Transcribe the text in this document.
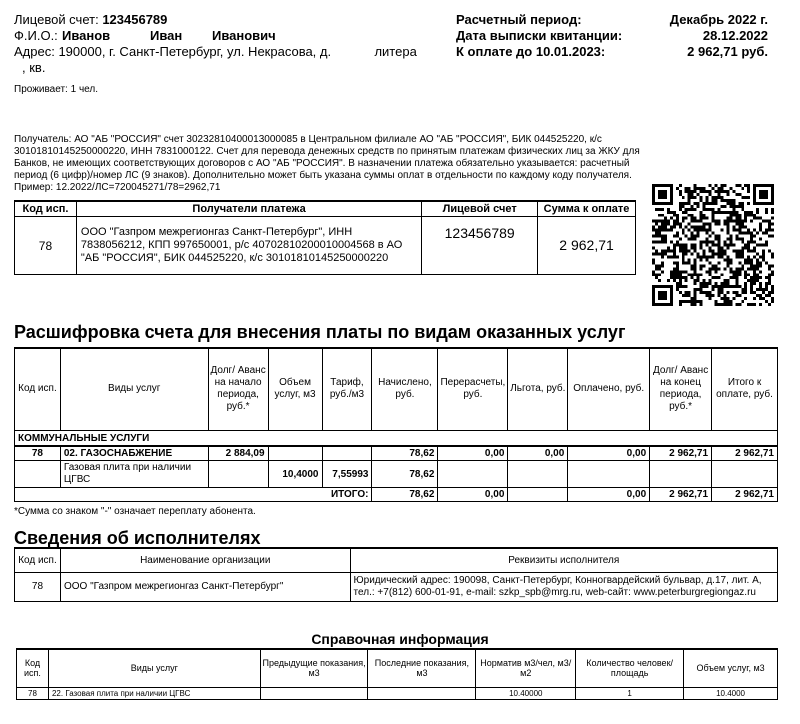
Лицевой счет:
123456789
Ф.И.О.: Иванов	Иван	Иванович
Адрес:
190000, г. Санкт-Петербург, ул. Некрасова, д.	литера
, кв.
Расчетный период:	Декабрь 2022 г.
Дата выписки квитанции:	28.12.2022
К оплате до 10.01.2023:	2 962,71 руб.
Проживает: 1 чел.
Получатель: АО "АБ "РОССИЯ" счет 30232810400013000085 в Центральном филиале АО "АБ "РОССИЯ", БИК 044525220, к/с 30101810145250000220, ИНН 7831000122. Счет для перевода денежных средств по принятым платежам физических лиц за ЖКУ для Банков, не имеющих соответствующих договоров с АО "АБ "РОССИЯ". В назначении платежа обязательно указывается: расчетный период (6 цифр)/номер ЛС (9 знаков). Дополнительно может быть указана суммы оплат в отдельности по каждому коду получателя. Пример: 12.2022/ЛС=720045271/78=2962,71
Код исп.	Получатели платежа	Лицевой счет	Сумма к оплате
78	ООО "Газпром межрегионгаз Санкт-Петербург", ИНН 7838056212, КПП 997650001, р/с 40702810200010004568 в АО "АБ "РОССИЯ", БИК 044525220, к/с 30101810145250000220	123456789	2 962,71
Расшифровка счета для внесения платы по видам оказанных услуг
Код исп.	Виды услуг	Долг/ Аванс на начало периода, руб.*	Объем услуг, м3	Тариф, руб./м3	Начислено, руб.	Перерасчеты, руб.	Льгота, руб.	Оплачено, руб.	Долг/ Аванс на конец периода, руб.*	Итого к оплате, руб.
КОММУНАЛЬНЫЕ УСЛУГИ										
78	02. ГАЗОСНАБЖЕНИЕ	2 884,09			78,62	0,00	0,00	0,00	2 962,71	2 962,71
	Газовая плита при наличии ЦГВС		10,4000	7,55993	78,62					
ИТОГО:					78,62	0,00		0,00	2 962,71	2 962,71
*Сумма со знаком "-" означает переплату абонента.
Сведения об исполнителях
Код исп.	Наименование организации	Реквизиты исполнителя
78	ООО "Газпром межрегионгаз Санкт-Петербург"	Юридический адрес: 190098, Санкт-Петербург, Конногвардейский бульвар, д.17, лит. А, тел.: +7(812) 600-01-91, e-mail: szkp_spb@mrg.ru, web-сайт: www.peterburgregiongaz.ru
Справочная информация
Код исп.	Виды услуг	Предыдущие показания, м3	Последние показания, м3	Норматив м3/чел, м3/м2	Количество человек/ площадь	Объем услуг, м3
78	22. Газовая плита при наличии ЦГВС			10.40000	1	10.4000
